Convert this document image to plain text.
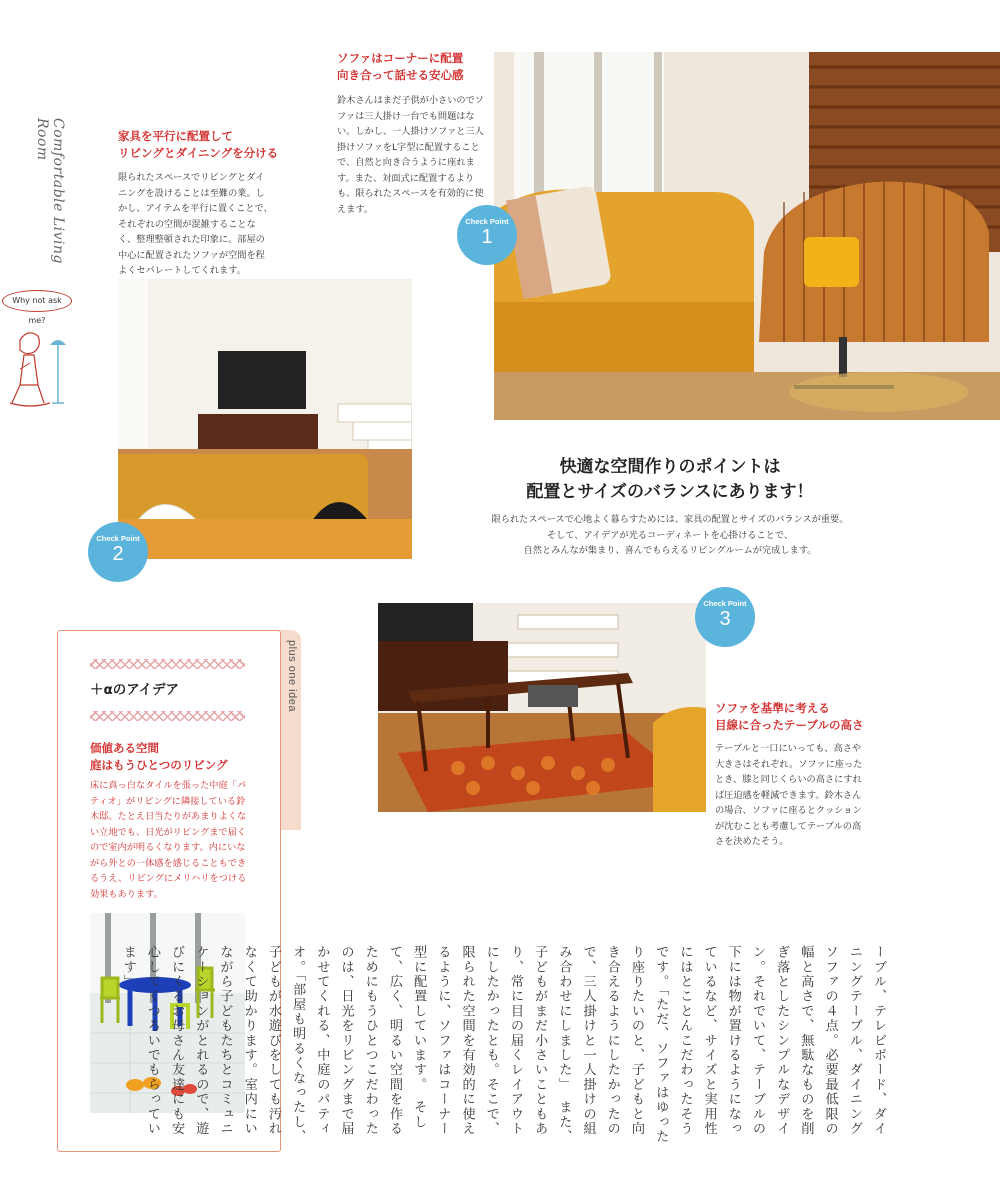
Comfortable Living Room
Why not ask me?
ソファはコーナーに配置
向き合って話せる安心感
鈴木さんはまだ子供が小さいのでソファは三人掛け一台でも問題はない。しかし、一人掛けソファと三人掛けソファをL字型に配置することで、自然と向き合うように座れます。また、対面式に配置するよりも、限られたスペースを有効的に使えます。
家具を平行に配置して
リビングとダイニングを分ける
限られたスペースでリビングとダイニングを設けることは至難の業。しかし、アイテムを平行に置くことで、それぞれの空間が混雑することなく、整理整頓された印象に。部屋の中心に配置されたソファが空間を程よくセパレートしてくれます。
Check Point
1
Check Point
2
快適な空間作りのポイントは
配置とサイズのバランスにあります！
限られたスペースで心地よく暮らすためには、家具の配置とサイズのバランスが重要。
そして、アイデアが光るコーディネートを心掛けることで、
自然とみんなが集まり、喜んでもらえるリビングルームが完成します。
Check Point
3
ソファを基準に考える
目線に合ったテーブルの高さ
テーブルと一口にいっても、高さや大きさはそれぞれ。ソファに座ったとき、膝と同じくらいの高さにすれば圧迫感を軽減できます。鈴木さんの場合、ソファに座るとクッションが沈むことも考慮してテーブルの高さを決めたそう。
plus one idea
＋αのアイデア
価値ある空間
庭はもうひとつのリビング
床に真っ白なタイルを張った中庭「パティオ」がリビングに隣接している鈴木邸。たとえ日当たりがあまりよくない立地でも、日光がリビングまで届くので室内が明るくなります。内にいながら外との一体感を感じることもできるうえ、リビングにメリハリをつける効果もあります。
ーブル、テレビボード、ダイニングテーブル、ダイニングソファの４点。必要最低限の幅と高さで、無駄なものを削ぎ落としたシンプルなデザイン。それでいて、テーブルの下には物が置けるようになっているなど、サイズと実用性にはとことんこだわったそうです。「ただ、ソファはゆったり座りたいのと、子どもと向き合えるようにしたかったので、三人掛けと一人掛けの組み合わせにしました」　また、子どもがまだ小さいこともあり、常に目の届くレイアウトにしたかったとも。そこで、限られた空間を有効的に使えるように、ソファはコーナー型に配置しています。　そして、広く、明るい空間を作るためにもうひとつこだわったのは、日光をリビングまで届かせてくれる、中庭のパティオ。「部屋も明るくなったし、子どもが水遊びをしても汚れなくて助かります。室内にいながら子どもたちとコミュニケーションがとれるので、遊びにくるお母さん友達にも安心してくつろいでもらっています」
